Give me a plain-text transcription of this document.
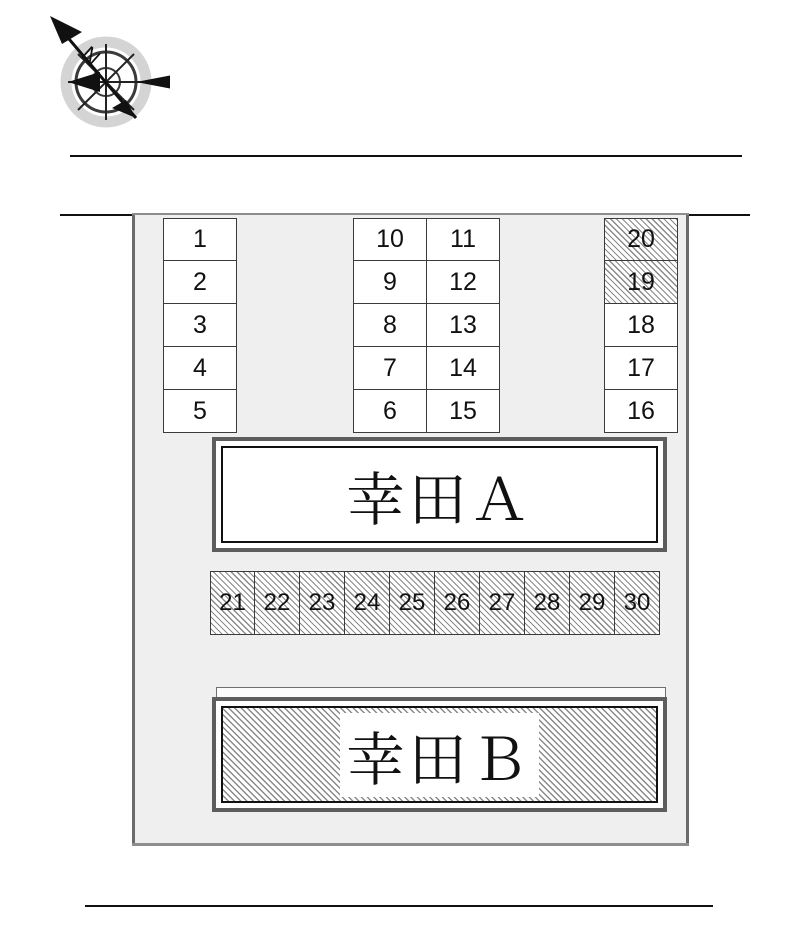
N
1
2
3
4
5
10
9
8
7
6
11
12
13
14
15
20
19
18
17
16
幸田Ａ
21 22 23 24 25 26 27 28 29 30
幸田Ｂ
